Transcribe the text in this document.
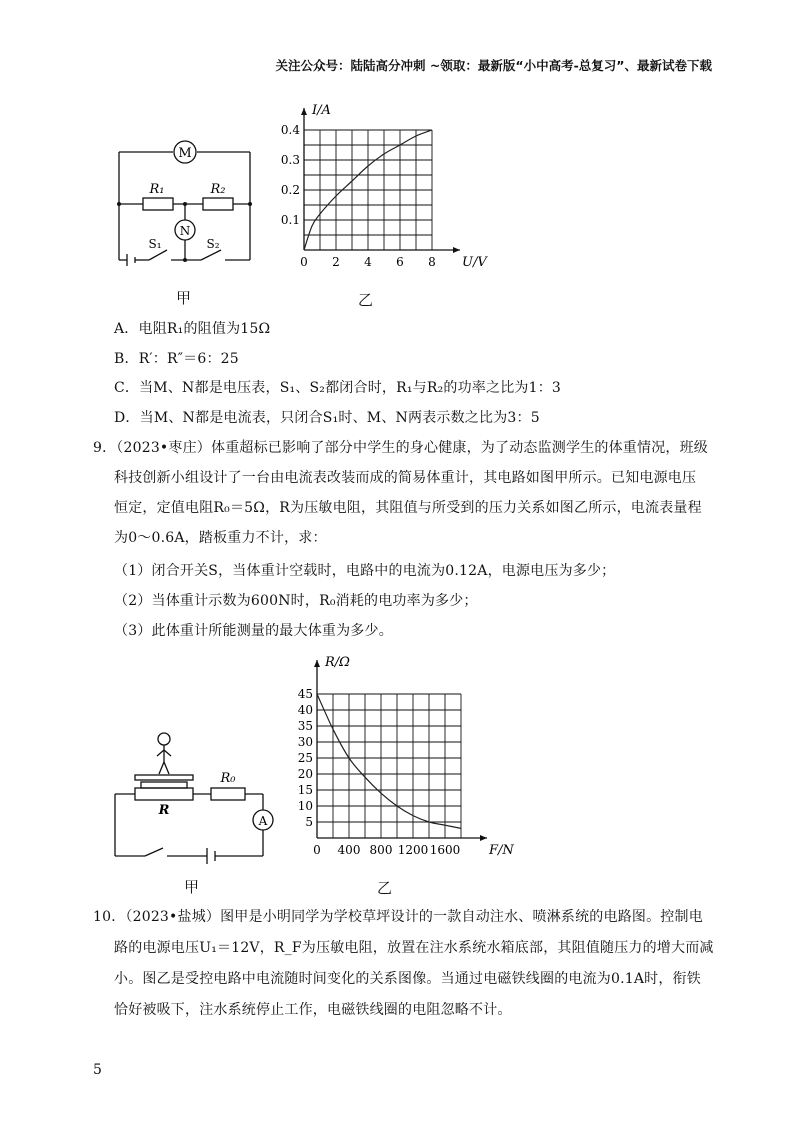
关注公众号：陆陆高分冲刺 ~领取：最新版“小中高考-总复习”、最新试卷下载
M
N
R₁	R₂
S₁	S₂
甲
0 2 4 6 8
0.1
0.2
0.3
0.4
I/A
U/V
乙
A．电阻R₁的阻值为15Ω
B．R′：R″＝6：25
C．当M、N都是电压表，S₁、S₂都闭合时，R₁与R₂的功率之比为1：3
D．当M、N都是电流表，只闭合S₁时、M、N两表示数之比为3：5
9．（2023•枣庄）体重超标已影响了部分中学生的身心健康，为了动态监测学生的体重情况，班级
科技创新小组设计了一台由电流表改装而成的简易体重计，其电路如图甲所示。已知电源电压
恒定，定值电阻R₀＝5Ω，R为压敏电阻，其阻值与所受到的压力关系如图乙所示，电流表量程
为0～0.6A，踏板重力不计，求：
（1）闭合开关S，当体重计空载时，电路中的电流为0.12A，电源电压为多少；
（2）当体重计示数为600N时，R₀消耗的电功率为多少；
（3）此体重计所能测量的最大体重为多少。
R
R₀
A
甲
0 400 800 1200 1600
5
10
15
20
25
30
35
40
45
R/Ω
F/N
乙
10．（2023•盐城）图甲是小明同学为学校草坪设计的一款自动注水、喷淋系统的电路图。控制电
路的电源电压U₁＝12V，R_F为压敏电阻，放置在注水系统水箱底部，其阻值随压力的增大而减
小。图乙是受控电路中电流随时间变化的关系图像。当通过电磁铁线圈的电流为0.1A时，衔铁
恰好被吸下，注水系统停止工作，电磁铁线圈的电阻忽略不计。
5
